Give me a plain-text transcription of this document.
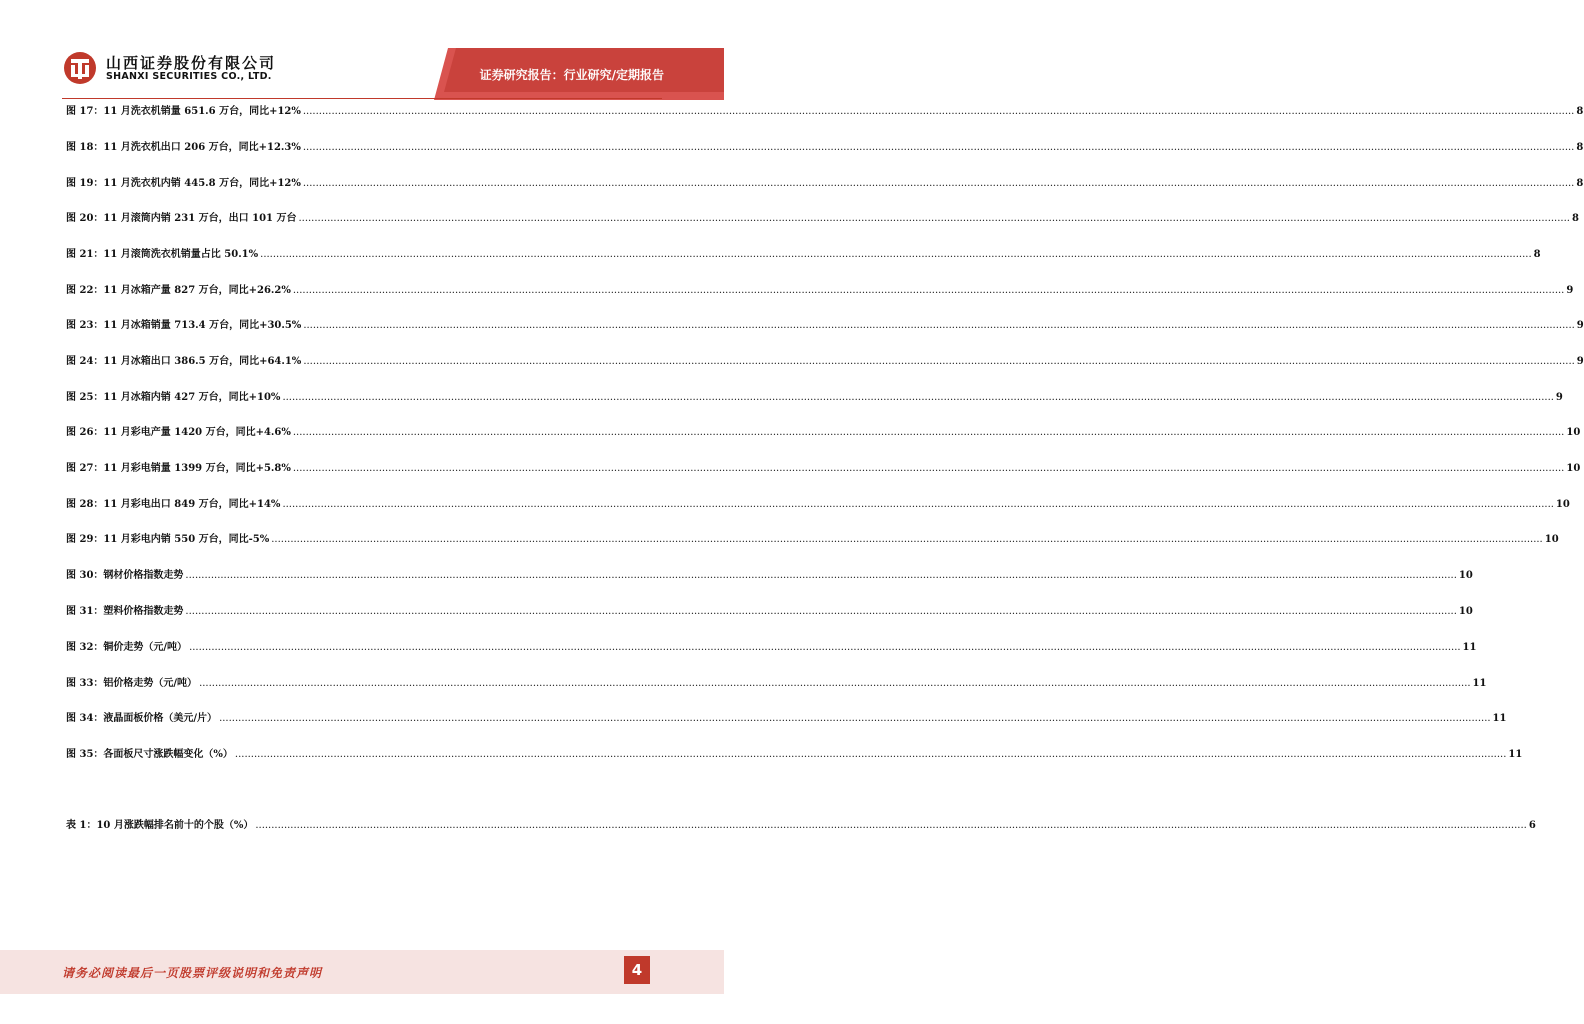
山西证券股份有限公司
SHANXI SECURITIES CO., LTD.	证券研究报告：行业研究/定期报告
图 17：11 月洗衣机销量 651.6 万台，同比+12% ................................................................................................................................................................................................................................................................................................................................................................................................................ 8
图 18：11 月洗衣机出口 206 万台，同比+12.3% ................................................................................................................................................................................................................................................................................................................................................................................................................ 8
图 19：11 月洗衣机内销 445.8 万台，同比+12% ................................................................................................................................................................................................................................................................................................................................................................................................................ 8
图 20：11 月滚筒内销 231 万台，出口 101 万台 ................................................................................................................................................................................................................................................................................................................................................................................................................ 8
图 21：11 月滚筒洗衣机销量占比 50.1% ................................................................................................................................................................................................................................................................................................................................................................................................................ 8
图 22：11 月冰箱产量 827 万台，同比+26.2% ................................................................................................................................................................................................................................................................................................................................................................................................................ 9
图 23：11 月冰箱销量 713.4 万台，同比+30.5% ................................................................................................................................................................................................................................................................................................................................................................................................................ 9
图 24：11 月冰箱出口 386.5 万台，同比+64.1% ................................................................................................................................................................................................................................................................................................................................................................................................................ 9
图 25：11 月冰箱内销 427 万台，同比+10% ................................................................................................................................................................................................................................................................................................................................................................................................................ 9
图 26：11 月彩电产量 1420 万台，同比+4.6% ................................................................................................................................................................................................................................................................................................................................................................................................................ 10
图 27：11 月彩电销量 1399 万台，同比+5.8% ................................................................................................................................................................................................................................................................................................................................................................................................................ 10
图 28：11 月彩电出口 849 万台，同比+14% ................................................................................................................................................................................................................................................................................................................................................................................................................ 10
图 29：11 月彩电内销 550 万台，同比-5% ................................................................................................................................................................................................................................................................................................................................................................................................................ 10
图 30：钢材价格指数走势 ................................................................................................................................................................................................................................................................................................................................................................................................................ 10
图 31：塑料价格指数走势 ................................................................................................................................................................................................................................................................................................................................................................................................................ 10
图 32：铜价走势（元/吨） ................................................................................................................................................................................................................................................................................................................................................................................................................ 11
图 33：铝价格走势（元/吨） ................................................................................................................................................................................................................................................................................................................................................................................................................ 11
图 34：液晶面板价格（美元/片） ................................................................................................................................................................................................................................................................................................................................................................................................................ 11
图 35：各面板尺寸涨跌幅变化（%） ................................................................................................................................................................................................................................................................................................................................................................................................................ 11
表 1：10 月涨跌幅排名前十的个股（%） ................................................................................................................................................................................................................................................................................................................................................................................................................ 6
请务必阅读最后一页股票评级说明和免责声明	4
